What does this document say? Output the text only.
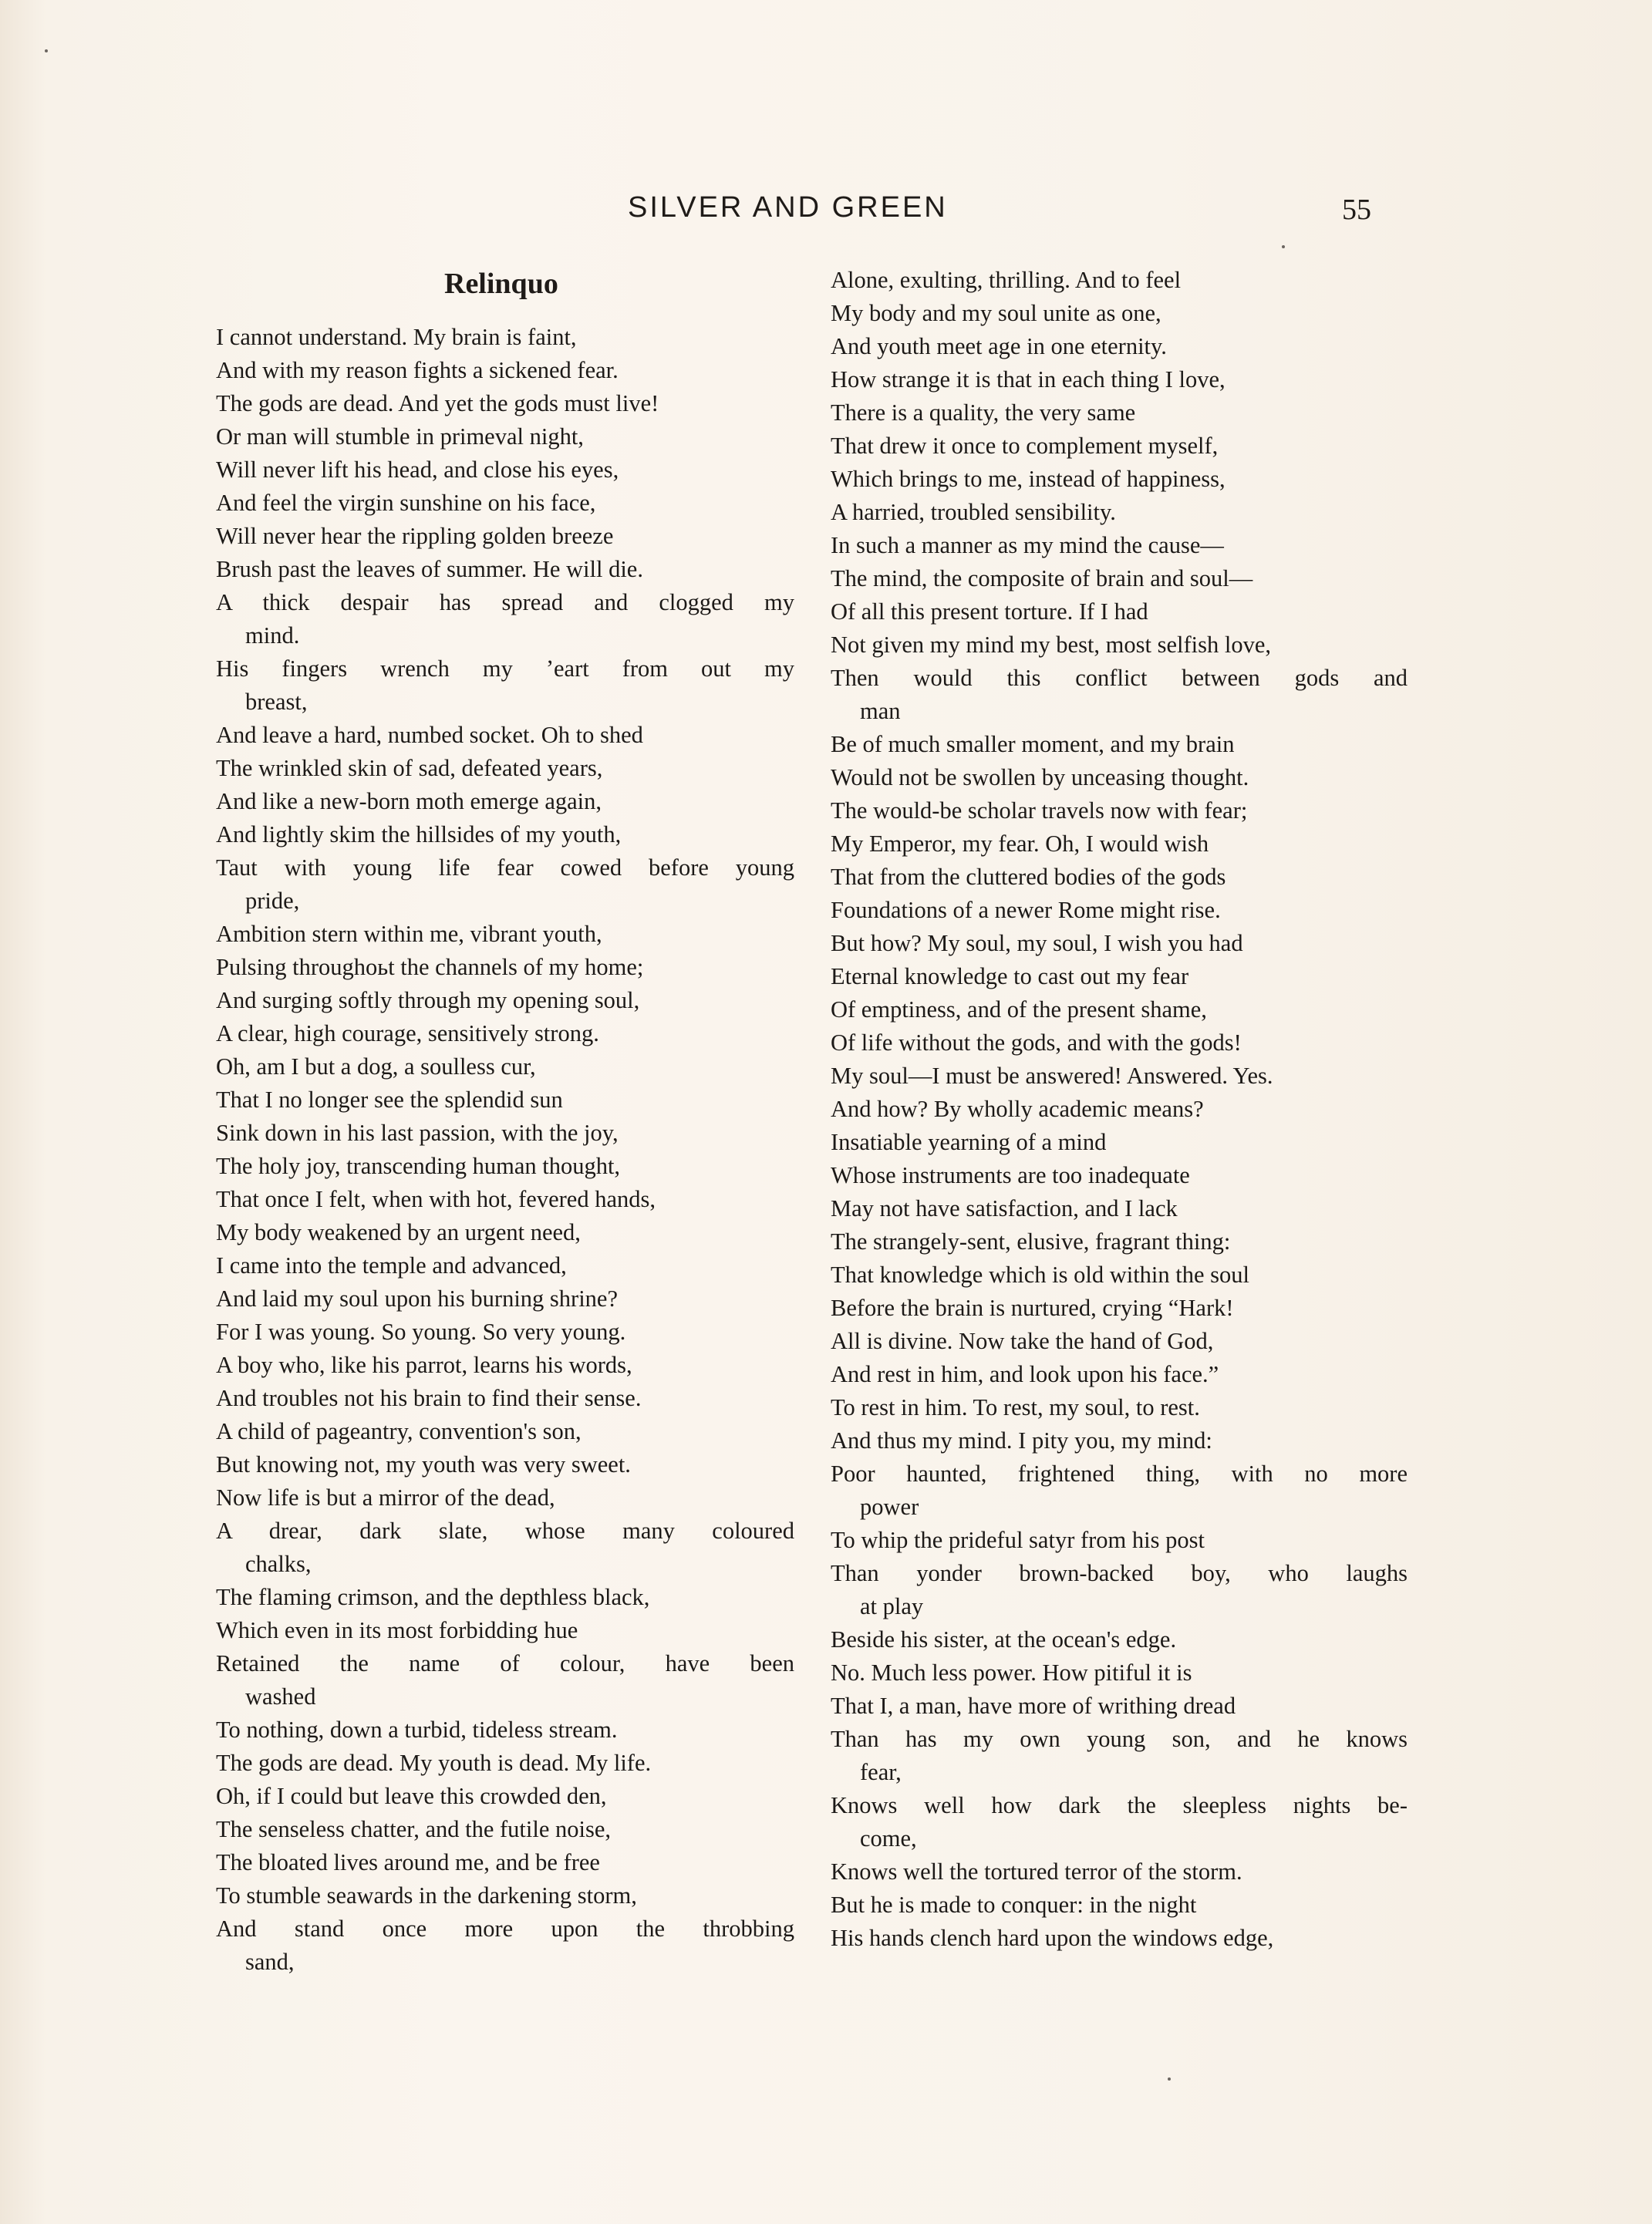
SILVER AND GREEN	55
Relinquo
I cannot understand. My brain is faint,
And with my reason fights a sickened fear.
The gods are dead. And yet the gods must live!
Or man will stumble in primeval night,
Will never lift his head, and close his eyes,
And feel the virgin sunshine on his face,
Will never hear the rippling golden breeze
Brush past the leaves of summer. He will die.
A thick despair has spread and clogged my
mind.
His fingers wrench my ʼeart from out my
breast,
And leave a hard, numbed socket. Oh to shed
The wrinkled skin of sad, defeated years,
And like a new-born moth emerge again,
And lightly skim the hillsides of my youth,
Taut with young life fear cowed before young
pride,
Ambition stern within me, vibrant youth,
Pulsing throughoьt the channels of my home;
And surging softly through my opening soul,
A clear, high courage, sensitively strong.
Oh, am I but a dog, a soulless cur,
That I no longer see the splendid sun
Sink down in his last passion, with the joy,
The holy joy, transcending human thought,
That once I felt, when with hot, fevered hands,
My body weakened by an urgent need,
I came into the temple and advanced,
And laid my soul upon his burning shrine?
For I was young. So young. So very young.
A boy who, like his parrot, learns his words,
And troubles not his brain to find their sense.
A child of pageantry, convention's son,
But knowing not, my youth was very sweet.
Now life is but a mirror of the dead,
A drear, dark slate, whose many coloured
chalks,
The flaming crimson, and the depthless black,
Which even in its most forbidding hue
Retained the name of colour, have been
washed
To nothing, down a turbid, tideless stream.
The gods are dead. My youth is dead. My life.
Oh, if I could but leave this crowded den,
The senseless chatter, and the futile noise,
The bloated lives around me, and be free
To stumble seawards in the darkening storm,
And stand once more upon the throbbing
sand,
Alone, exulting, thrilling. And to feel
My body and my soul unite as one,
And youth meet age in one eternity.
How strange it is that in each thing I love,
There is a quality, the very same
That drew it once to complement myself,
Which brings to me, instead of happiness,
A harried, troubled sensibility.
In such a manner as my mind the cause—
The mind, the composite of brain and soul—
Of all this present torture. If I had
Not given my mind my best, most selfish love,
Then would this conflict between gods and
man
Be of much smaller moment, and my brain
Would not be swollen by unceasing thought.
The would-be scholar travels now with fear;
My Emperor, my fear. Oh, I would wish
That from the cluttered bodies of the gods
Foundations of a newer Rome might rise.
But how? My soul, my soul, I wish you had
Eternal knowledge to cast out my fear
Of emptiness, and of the present shame,
Of life without the gods, and with the gods!
My soul—I must be answered! Answered. Yes.
And how? By wholly academic means?
Insatiable yearning of a mind
Whose instruments are too inadequate
May not have satisfaction, and I lack
The strangely-sent, elusive, fragrant thing:
That knowledge which is old within the soul
Before the brain is nurtured, crying “Hark!
All is divine. Now take the hand of God,
And rest in him, and look upon his face.”
To rest in him. To rest, my soul, to rest.
And thus my mind. I pity you, my mind:
Poor haunted, frightened thing, with no more
power
To whip the prideful satyr from his post
Than yonder brown-backed boy, who laughs
at play
Beside his sister, at the ocean's edge.
No. Much less power. How pitiful it is
That I, a man, have more of writhing dread
Than has my own young son, and he knows
fear,
Knows well how dark the sleepless nights be-
come,
Knows well the tortured terror of the storm.
But he is made to conquer: in the night
His hands clench hard upon the windows edge,
